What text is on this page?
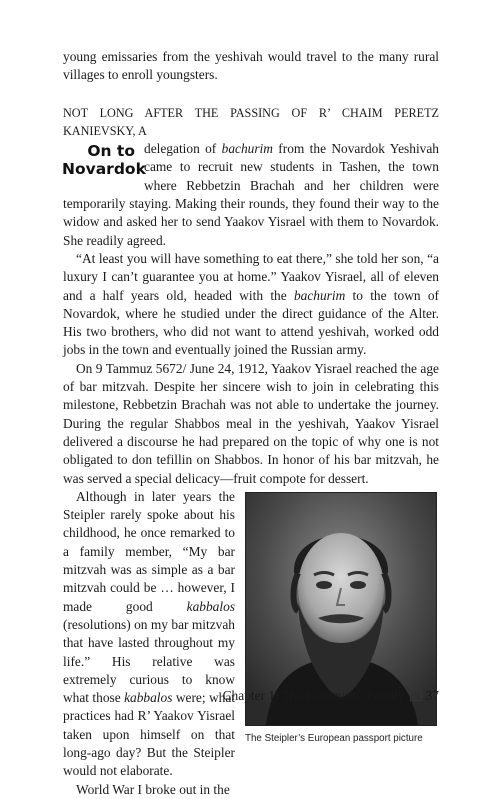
young emissaries from the yeshivah would travel to the many rural villages to enroll youngsters.

NOT LONG AFTER THE PASSING OF R’ CHAIM PERETZ KANIEVSKY, A

On to
Novardok

delegation of bachurim from the Novardok Yeshivah came to recruit new students in Tashen, the town where Rebbetzin Brachah and her children were temporarily staying. Making their rounds, they found their way to the widow and asked her to send Yaakov Yisrael with them to Novardok. She readily agreed.

“At least you will have something to eat there,” she told her son, “a luxury I can’t guarantee you at home.” Yaakov Yisrael, all of eleven and a half years old, headed with the bachurim to the town of Novardok, where he studied under the direct guidance of the Alter. His two brothers, who did not want to attend yeshivah, worked odd jobs in the town and eventually joined the Russian army.

On 9 Tammuz 5672/ June 24, 1912, Yaakov Yisrael reached the age of bar mitzvah. Despite her sincere wish to join in celebrating this milestone, Rebbetzin Brachah was not able to undertake the journey. During the regular Shabbos meal in the yeshivah, Yaakov Yisrael delivered a discourse he had prepared on the topic of why one is not obligated to don tefillin on Shabbos. In honor of his bar mitzvah, he was served a special delicacy—fruit compote for dessert.

The Steipler’s European passport picture

Although in later years the Steipler rarely spoke about his childhood, he once remarked to a family member, “My bar mitzvah was as simple as a bar mitzvah could be … however, I made good kabbalos (resolutions) on my bar mitzvah that have lasted throughout my life.” His relative was extremely curious to know what those kabbalos were; what practices had R’ Yaakov Yisrael taken upon himself on that long-ago day? But the Steipler would not elaborate.

World War I broke out in the

Chapter 1: The Kanievsky Family 37
